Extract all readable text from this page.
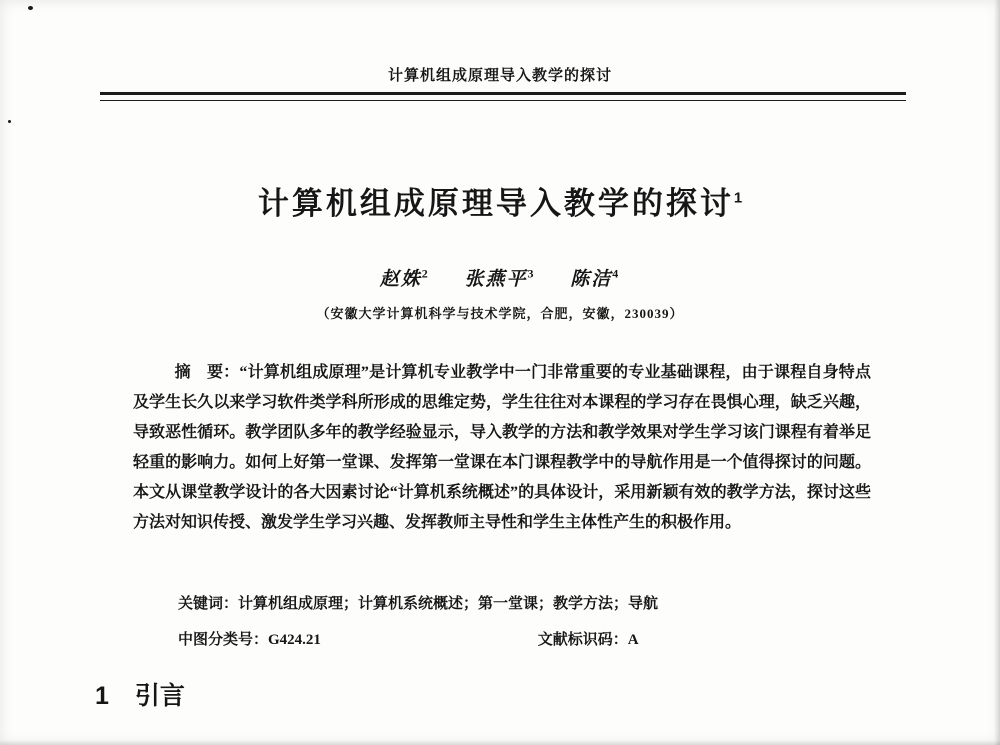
计算机组成原理导入教学的探讨
计算机组成原理导入教学的探讨$^1$
赵姝$^2$ 张燕平$^3$ 陈洁$^4$
（安徽大学计算机科学与技术学院，合肥，安徽，230039）

摘　要：“计算机组成原理”是计算机专业教学中一门非常重要的专业基础课程，由于课程自身特点及学生长久以来学习软件类学科所形成的思维定势，学生往往对本课程的学习存在畏惧心理，缺乏兴趣，导致恶性循环。教学团队多年的教学经验显示，导入教学的方法和教学效果对学生学习该门课程有着举足轻重的影响力。如何上好第一堂课、发挥第一堂课在本门课程教学中的导航作用是一个值得探讨的问题。本文从课堂教学设计的各大因素讨论“计算机系统概述”的具体设计，采用新颖有效的教学方法，探讨这些方法对知识传授、激发学生学习兴趣、发挥教师主导性和学生主体性产生的积极作用。

关键词：计算机组成原理；计算机系统概述；第一堂课；教学方法；导航
中图分类号：G424.21	文献标识码：A
1 引言
